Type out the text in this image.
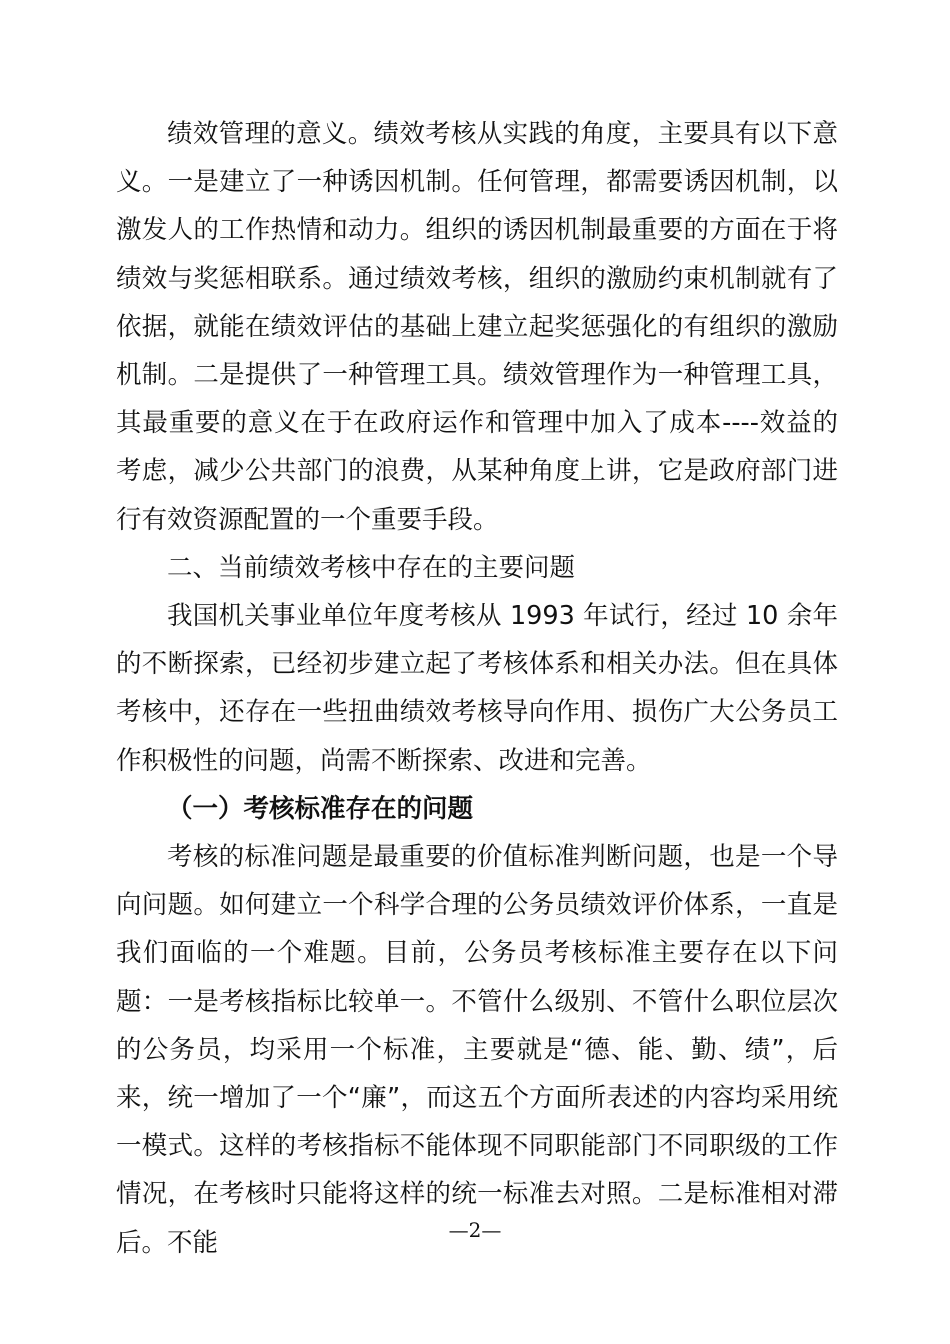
绩效管理的意义。绩效考核从实践的角度，主要具有以下意义。一是建立了一种诱因机制。任何管理，都需要诱因机制，以激发人的工作热情和动力。组织的诱因机制最重要的方面在于将绩效与奖惩相联系。通过绩效考核，组织的激励约束机制就有了依据，就能在绩效评估的基础上建立起奖惩强化的有组织的激励机制。二是提供了一种管理工具。绩效管理作为一种管理工具，其最重要的意义在于在政府运作和管理中加入了成本----效益的考虑，减少公共部门的浪费，从某种角度上讲，它是政府部门进行有效资源配置的一个重要手段。

二、当前绩效考核中存在的主要问题

我国机关事业单位年度考核从 1993 年试行，经过 10 余年的不断探索，已经初步建立起了考核体系和相关办法。但在具体考核中，还存在一些扭曲绩效考核导向作用、损伤广大公务员工作积极性的问题，尚需不断探索、改进和完善。

（一）考核标准存在的问题

考核的标准问题是最重要的价值标准判断问题，也是一个导向问题。如何建立一个科学合理的公务员绩效评价体系，一直是我们面临的一个难题。目前，公务员考核标准主要存在以下问题：一是考核指标比较单一。不管什么级别、不管什么职位层次的公务员，均采用一个标准，主要就是“德、能、勤、绩”，后来，统一增加了一个“廉”，而这五个方面所表述的内容均采用统一模式。这样的考核指标不能体现不同职能部门不同职级的工作情况，在考核时只能将这样的统一标准去对照。二是标准相对滞后。不能	—2—
